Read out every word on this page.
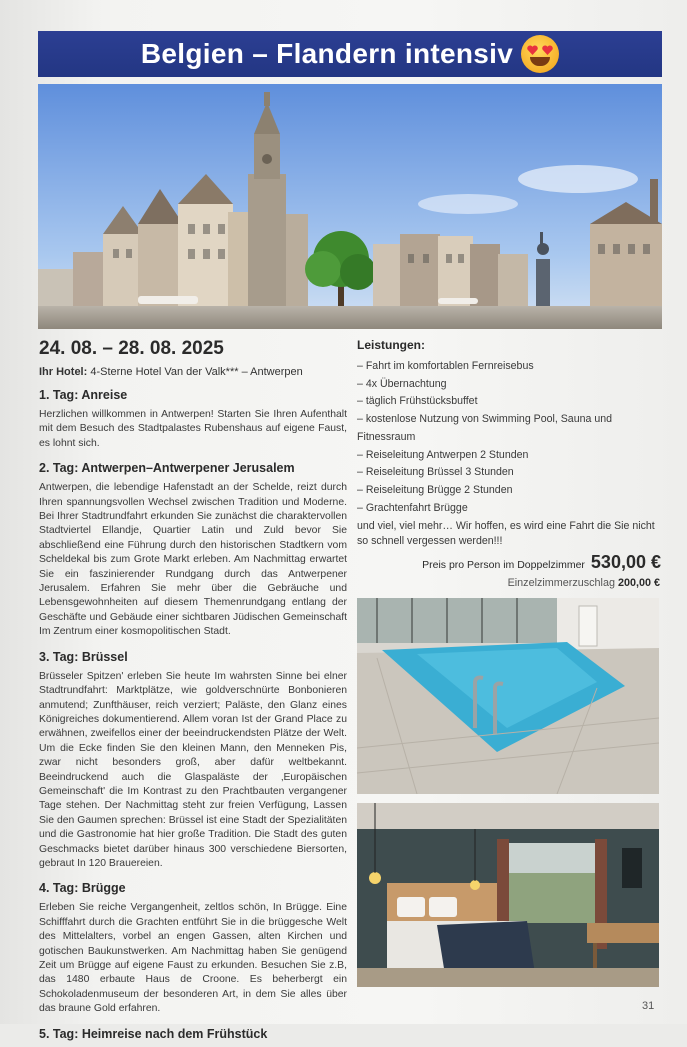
Belgien – Flandern intensiv
24. 08. – 28. 08. 2025
Ihr Hotel: 4-Sterne Hotel Van der Valk*** – Antwerpen
1. Tag: Anreise

Herzlichen willkommen in Antwerpen! Starten Sie Ihren Aufenthalt mit dem Besuch des Stadtpalastes Rubenshaus auf eigene Faust, es lohnt sich.

2. Tag: Antwerpen–Antwerpener Jerusalem

Antwerpen, die lebendige Hafenstadt an der Schelde, reizt durch Ihren spannungsvollen Wechsel zwischen Tradition und Moderne. Bei Ihrer Stadtrundfahrt erkunden Sie zunächst die charaktervollen Stadtviertel Ellandje, Quartier Latin und Zuld bevor Sie abschließend eine Führung durch den historischen Stadtkern vom Scheldekal bis zum Grote Markt erleben. Am Nachmittag erwartet Sie ein faszinierender Rundgang durch das Antwerpener Jerusalem. Erfahren Sie mehr über die Gebräuche und Lebensgewohnheiten auf diesem Themenrundgang entlang der Geschäfte und Gebäude einer sichtbaren Jüdischen Gemeinschaft Im Zentrum einer kosmopolitischen Stadt.

3. Tag: Brüssel

Brüsseler Spitzen' erleben Sie heute Im wahrsten Sinne bei elner Stadtrundfahrt: Marktplätze, wie goldverschnürte Bonbonieren anmutend; Zunfthäuser, reich verziert; Paläste, den Glanz eines Königreiches dokumentierend. Allem voran Ist der Grand Place zu erwähnen, zweifellos einer der beeindruckendsten Plätze der Welt. Um die Ecke finden Sie den kleinen Mann, den Menneken Pis, zwar nicht besonders groß, aber dafür weltbekannt. Beeindruckend auch die Glaspaläste der ‚Europäischen Gemeinschaft' die Im Kontrast zu den Prachtbauten vergangener Tage stehen. Der Nachmittag steht zur freien Verfügung, Lassen Sie den Gaumen sprechen: Brüssel ist eine Stadt der Spezialitäten und die Gastronomie hat hier große Tradition. Die Stadt des guten Geschmacks bietet darüber hinaus 300 verschiedene Biersorten, gebraut In 120 Brauereien.

4. Tag: Brügge

Erleben Sie reiche Vergangenheit, zeltlos schön, In Brügge. Eine Schifffahrt durch die Grachten entführt Sie in die brüggesche Welt des Mittelalters, vorbel an engen Gassen, alten Kirchen und gotischen Baukunstwerken. Am Nachmittag haben Sie genügend Zeit um Brügge auf eigene Faust zu erkunden. Besuchen Sie z.B, das 1480 erbaute Haus de Croone. Es beherbergt ein Schokoladenmuseum der besonderen Art, in dem Sie alles über das braune Gold erfahren.

5. Tag: Heimreise nach dem Frühstück
Leistungen:
– Fahrt im komfortablen Fernreisebus
– 4x Übernachtung
– täglich Frühstücksbuffet
– kostenlose Nutzung von Swimming Pool, Sauna und Fitnessraum
– Reiseleitung Antwerpen 2 Stunden
– Reiseleitung Brüssel 3 Stunden
– Reiseleitung Brügge 2 Stunden
– Grachtenfahrt Brügge
und viel, viel mehr… Wir hoffen, es wird eine Fahrt die Sie nicht so schnell vergessen werden!!!
Preis pro Person im Doppelzimmer 530,00 €
Einzelzimmerzuschlag 200,00 €
31
